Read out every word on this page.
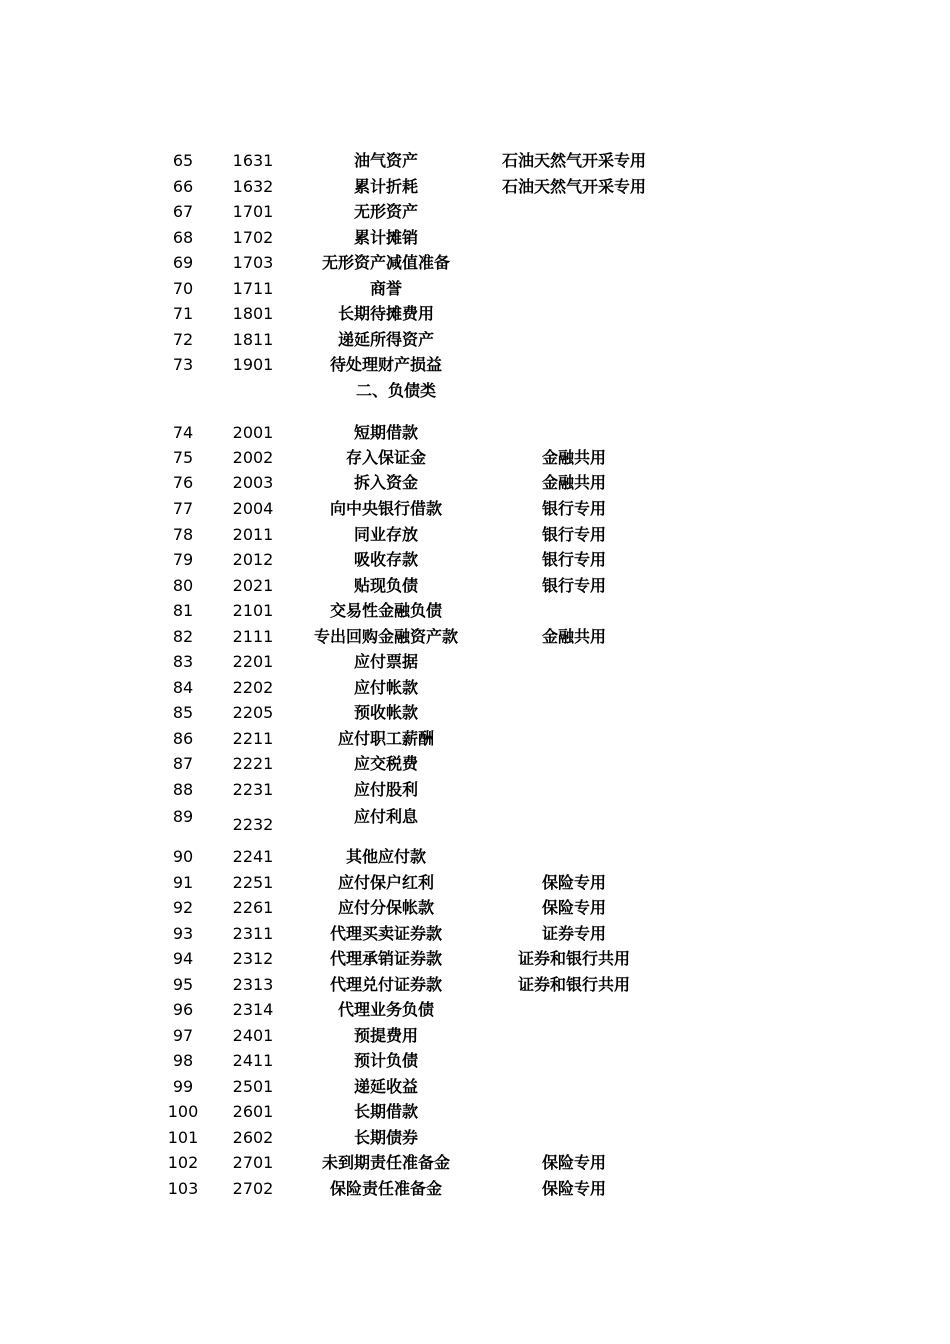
二、负债类
65	1631	油气资产	石油天然气开采专用
66	1632	累计折耗	石油天然气开采专用
67	1701	无形资产
68	1702	累计摊销
69	1703	无形资产减值准备
70	1711	商誉
71	1801	长期待摊费用
72	1811	递延所得资产
73	1901	待处理财产损益
74	2001	短期借款
75	2002	存入保证金	金融共用
76	2003	拆入资金	金融共用
77	2004	向中央银行借款	银行专用
78	2011	同业存放	银行专用
79	2012	吸收存款	银行专用
80	2021	贴现负债	银行专用
81	2101	交易性金融负债
82	2111	专出回购金融资产款	金融共用
83	2201	应付票据
84	2202	应付帐款
85	2205	预收帐款
86	2211	应付职工薪酬
87	2221	应交税费
88	2231	应付股利
89	2232	应付利息
90	2241	其他应付款
91	2251	应付保户红利	保险专用
92	2261	应付分保帐款	保险专用
93	2311	代理买卖证券款	证券专用
94	2312	代理承销证券款	证券和银行共用
95	2313	代理兑付证券款	证券和银行共用
96	2314	代理业务负债
97	2401	预提费用
98	2411	预计负债
99	2501	递延收益
100	2601	长期借款
101	2602	长期债券
102	2701	未到期责任准备金	保险专用
103	2702	保险责任准备金	保险专用
